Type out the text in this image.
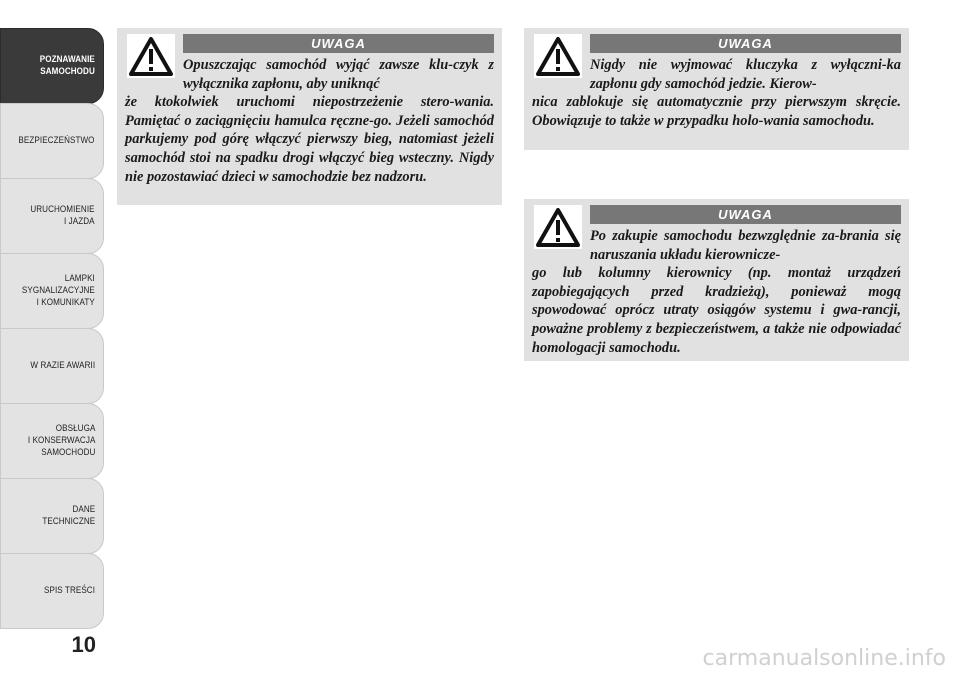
POZNAWANIE
SAMOCHODU
BEZPIECZEŃSTWO
URUCHOMIENIE
I JAZDA
LAMPKI
SYGNALIZACYJNE
I KOMUNIKATY
W RAZIE AWARII
OBSŁUGA
I KONSERWACJA
SAMOCHODU
DANE
TECHNICZNE
SPIS TREŚCI
10
UWAGA
Opuszczając samochód wyjąć zawsze klu-czyk z wyłącznika zapłonu, aby uniknąć
że ktokolwiek uruchomi niepostrzeżenie stero-wania. Pamiętać o zaciągnięciu hamulca ręczne-go. Jeżeli samochód parkujemy pod górę włączyć pierwszy bieg, natomiast jeżeli samochód stoi na spadku drogi włączyć bieg wsteczny. Nigdy nie pozostawiać dzieci w samochodzie bez nadzoru.
UWAGA
Nigdy nie wyjmować kluczyka z wyłączni-ka zapłonu gdy samochód jedzie. Kierow-
nica zablokuje się automatycznie przy pierwszym skręcie. Obowiązuje to także w przypadku holo-wania samochodu.
UWAGA
Po zakupie samochodu bezwzględnie za-brania się naruszania układu kierownicze-
go lub kolumny kierownicy (np. montaż urządzeń zapobiegających przed kradzieżą), ponieważ mogą spowodować oprócz utraty osiągów systemu i gwa-rancji, poważne problemy z bezpieczeństwem, a także nie odpowiadać homologacji samochodu.
carmanualsonline.info
